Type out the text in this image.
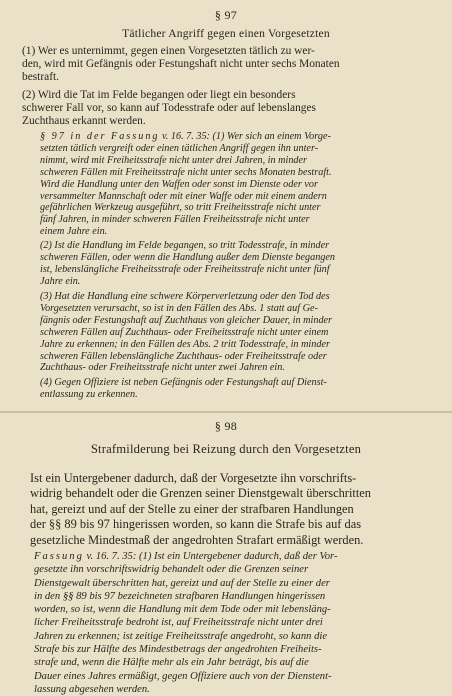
§ 97
Tätlicher Angriff gegen einen Vorgesetzten
(1) Wer es unternimmt, gegen einen Vorgesetzten tätlich zu wer-
den, wird mit Gefängnis oder Festungshaft nicht unter sechs Monaten
bestraft.
(2) Wird die Tat im Felde begangen oder liegt ein besonders
schwerer Fall vor, so kann auf Todesstrafe oder auf lebenslanges
Zuchthaus erkannt werden.
§ 97 in der Fassung v. 16. 7. 35: (1) Wer sich an einem Vorge-
setzten tätlich vergreift oder einen tätlichen Angriff gegen ihn unter-
nimmt, wird mit Freiheitsstrafe nicht unter drei Jahren, in minder
schweren Fällen mit Freiheitsstrafe nicht unter sechs Monaten bestraft.
Wird die Handlung unter den Waffen oder sonst im Dienste oder vor
versammelter Mannschaft oder mit einer Waffe oder mit einem andern
gefährlichen Werkzeug ausgeführt, so tritt Freiheitsstrafe nicht unter
fünf Jahren, in minder schweren Fällen Freiheitsstrafe nicht unter
einem Jahre ein.
(2) Ist die Handlung im Felde begangen, so tritt Todesstrafe, in minder
schweren Fällen, oder wenn die Handlung außer dem Dienste begangen
ist, lebenslängliche Freiheitsstrafe oder Freiheitsstrafe nicht unter fünf
Jahre ein.
(3) Hat die Handlung eine schwere Körperverletzung oder den Tod des
Vorgesetzten verursacht, so ist in den Fällen des Abs. 1 statt auf Ge-
fängnis oder Festungshaft auf Zuchthaus von gleicher Dauer, in minder
schweren Fällen auf Zuchthaus- oder Freiheitsstrafe nicht unter einem
Jahre zu erkennen; in den Fällen des Abs. 2 tritt Todesstrafe, in minder
schweren Fällen lebenslängliche Zuchthaus- oder Freiheitsstrafe oder
Zuchthaus- oder Freiheitsstrafe nicht unter zwei Jahren ein.
(4) Gegen Offiziere ist neben Gefängnis oder Festungshaft auf Dienst-
entlassung zu erkennen.
§ 98
Strafmilderung bei Reizung durch den Vorgesetzten
Ist ein Untergebener dadurch, daß der Vorgesetzte ihn vorschrifts-
widrig behandelt oder die Grenzen seiner Dienstgewalt überschritten
hat, gereizt und auf der Stelle zu einer der strafbaren Handlungen
der §§ 89 bis 97 hingerissen worden, so kann die Strafe bis auf das
gesetzliche Mindestmaß der angedrohten Strafart ermäßigt werden.
Fassung v. 16. 7. 35: (1) Ist ein Untergebener dadurch, daß der Vor-
gesetzte ihn vorschriftswidrig behandelt oder die Grenzen seiner
Dienstgewalt überschritten hat, gereizt und auf der Stelle zu einer der
in den §§ 89 bis 97 bezeichneten strafbaren Handlungen hingerissen
worden, so ist, wenn die Handlung mit dem Tode oder mit lebensläng-
licher Freiheitsstrafe bedroht ist, auf Freiheitsstrafe nicht unter drei
Jahren zu erkennen; ist zeitige Freiheitsstrafe angedroht, so kann die
Strafe bis zur Hälfte des Mindestbetrags der angedrohten Freiheits-
strafe und, wenn die Hälfte mehr als ein Jahr beträgt, bis auf die
Dauer eines Jahres ermäßigt, gegen Offiziere auch von der Dienstent-
lassung abgesehen werden.
